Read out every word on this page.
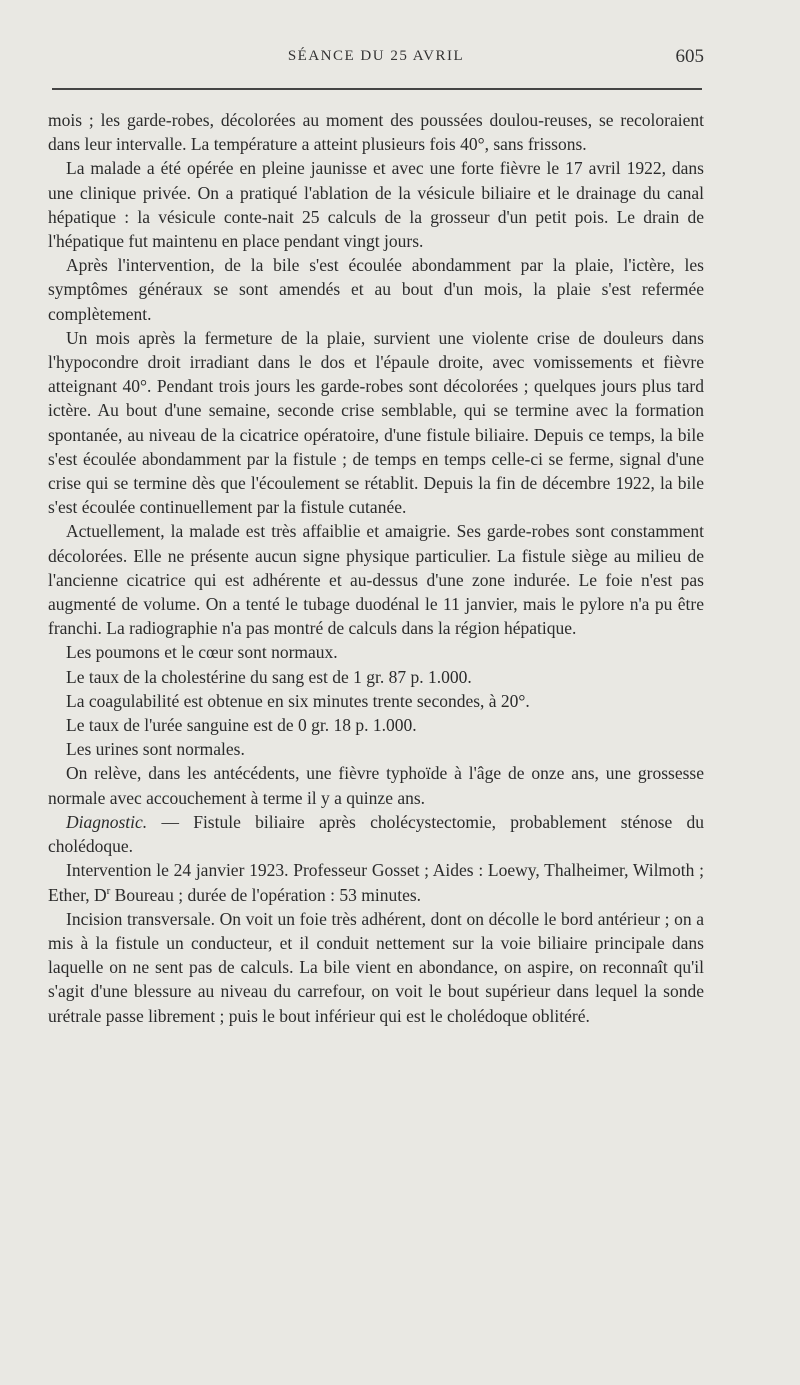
SÉANCE DU 25 AVRIL	605

mois ; les garde-robes, décolorées au moment des poussées doulou-reuses, se recoloraient dans leur intervalle. La température a atteint plusieurs fois 40°, sans frissons.

La malade a été opérée en pleine jaunisse et avec une forte fièvre le 17 avril 1922, dans une clinique privée. On a pratiqué l'ablation de la vésicule biliaire et le drainage du canal hépatique : la vésicule conte-nait 25 calculs de la grosseur d'un petit pois. Le drain de l'hépatique fut maintenu en place pendant vingt jours.

Après l'intervention, de la bile s'est écoulée abondamment par la plaie, l'ictère, les symptômes généraux se sont amendés et au bout d'un mois, la plaie s'est refermée complètement.

Un mois après la fermeture de la plaie, survient une violente crise de douleurs dans l'hypocondre droit irradiant dans le dos et l'épaule droite, avec vomissements et fièvre atteignant 40°. Pendant trois jours les garde-robes sont décolorées ; quelques jours plus tard ictère. Au bout d'une semaine, seconde crise semblable, qui se termine avec la formation spontanée, au niveau de la cicatrice opératoire, d'une fistule biliaire. Depuis ce temps, la bile s'est écoulée abondamment par la fistule ; de temps en temps celle-ci se ferme, signal d'une crise qui se termine dès que l'écoulement se rétablit. Depuis la fin de décembre 1922, la bile s'est écoulée continuellement par la fistule cutanée.

Actuellement, la malade est très affaiblie et amaigrie. Ses garde-robes sont constamment décolorées. Elle ne présente aucun signe physique particulier. La fistule siège au milieu de l'ancienne cicatrice qui est adhérente et au-dessus d'une zone indurée. Le foie n'est pas augmenté de volume. On a tenté le tubage duodénal le 11 janvier, mais le pylore n'a pu être franchi. La radiographie n'a pas montré de calculs dans la région hépatique.

Les poumons et le cœur sont normaux.

Le taux de la cholestérine du sang est de 1 gr. 87 p. 1.000.

La coagulabilité est obtenue en six minutes trente secondes, à 20°.

Le taux de l'urée sanguine est de 0 gr. 18 p. 1.000.

Les urines sont normales.

On relève, dans les antécédents, une fièvre typhoïde à l'âge de onze ans, une grossesse normale avec accouchement à terme il y a quinze ans.

Diagnostic. — Fistule biliaire après cholécystectomie, probablement sténose du cholédoque.

Intervention le 24 janvier 1923. Professeur Gosset ; Aides : Loewy, Thalheimer, Wilmoth ; Ether, $D^r$ Boureau ; durée de l'opération : 53 minutes.

Incision transversale. On voit un foie très adhérent, dont on décolle le bord antérieur ; on a mis à la fistule un conducteur, et il conduit nettement sur la voie biliaire principale dans laquelle on ne sent pas de calculs. La bile vient en abondance, on aspire, on reconnaît qu'il s'agit d'une blessure au niveau du carrefour, on voit le bout supérieur dans lequel la sonde urétrale passe librement ; puis le bout inférieur qui est le cholédoque oblitéré.
